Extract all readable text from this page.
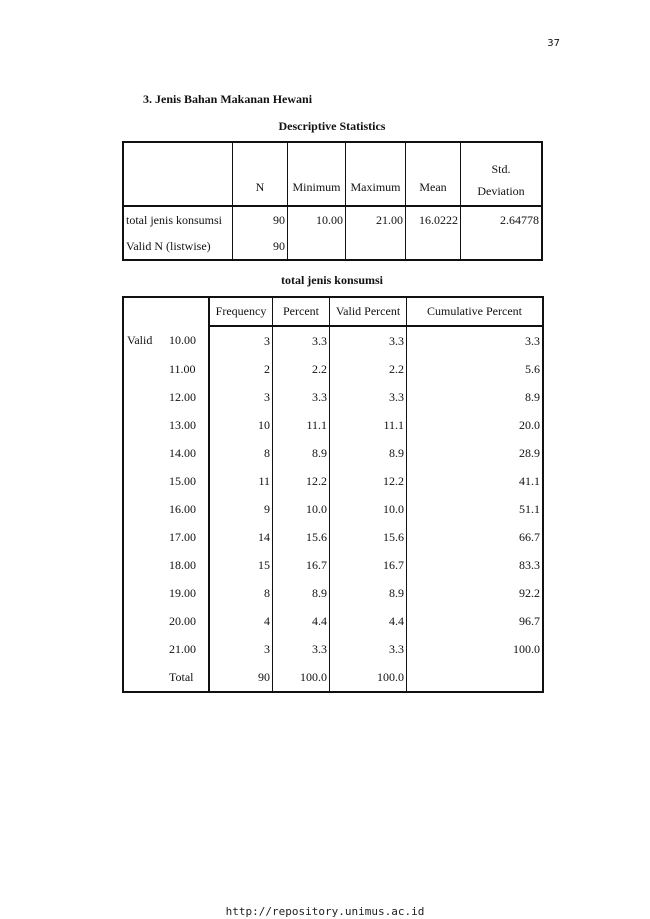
37
3. Jenis Bahan Makanan Hewani
Descriptive Statistics
	N	Minimum	Maximum	Mean	Std.
Deviation
total jenis konsumsi	90	10.00	21.00	16.0222	2.64778
Valid N (listwise)	90				
total jenis konsumsi
		Frequency	Percent	Valid Percent	Cumulative Percent
Valid	10.00	3	3.3	3.3	3.3
	11.00	2	2.2	2.2	5.6
	12.00	3	3.3	3.3	8.9
	13.00	10	11.1	11.1	20.0
	14.00	8	8.9	8.9	28.9
	15.00	11	12.2	12.2	41.1
	16.00	9	10.0	10.0	51.1
	17.00	14	15.6	15.6	66.7
	18.00	15	16.7	16.7	83.3
	19.00	8	8.9	8.9	92.2
	20.00	4	4.4	4.4	96.7
	21.00	3	3.3	3.3	100.0
	Total	90	100.0	100.0	
http://repository.unimus.ac.id
